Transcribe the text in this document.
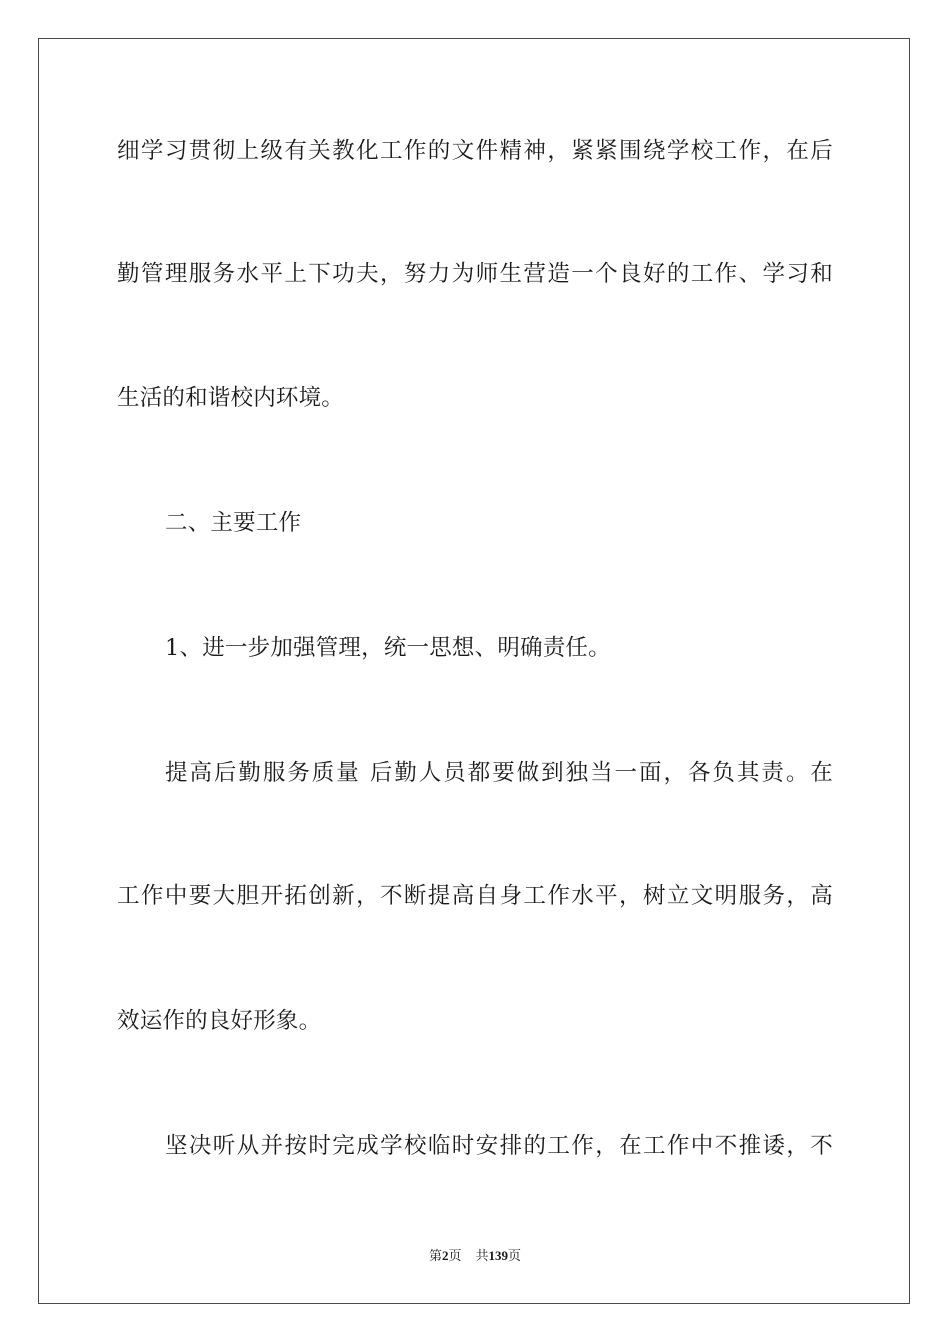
细学习贯彻上级有关教化工作的文件精神，紧紧围绕学校工作，在后
勤管理服务水平上下功夫，努力为师生营造一个良好的工作、学习和
生活的和谐校内环境。
二、主要工作
1、进一步加强管理，统一思想、明确责任。
提高后勤服务质量 后勤人员都要做到独当一面，各负其责。在
工作中要大胆开拓创新，不断提高自身工作水平，树立文明服务，高
效运作的良好形象。
坚决听从并按时完成学校临时安排的工作，在工作中不推诿，不
第2页 共139页
